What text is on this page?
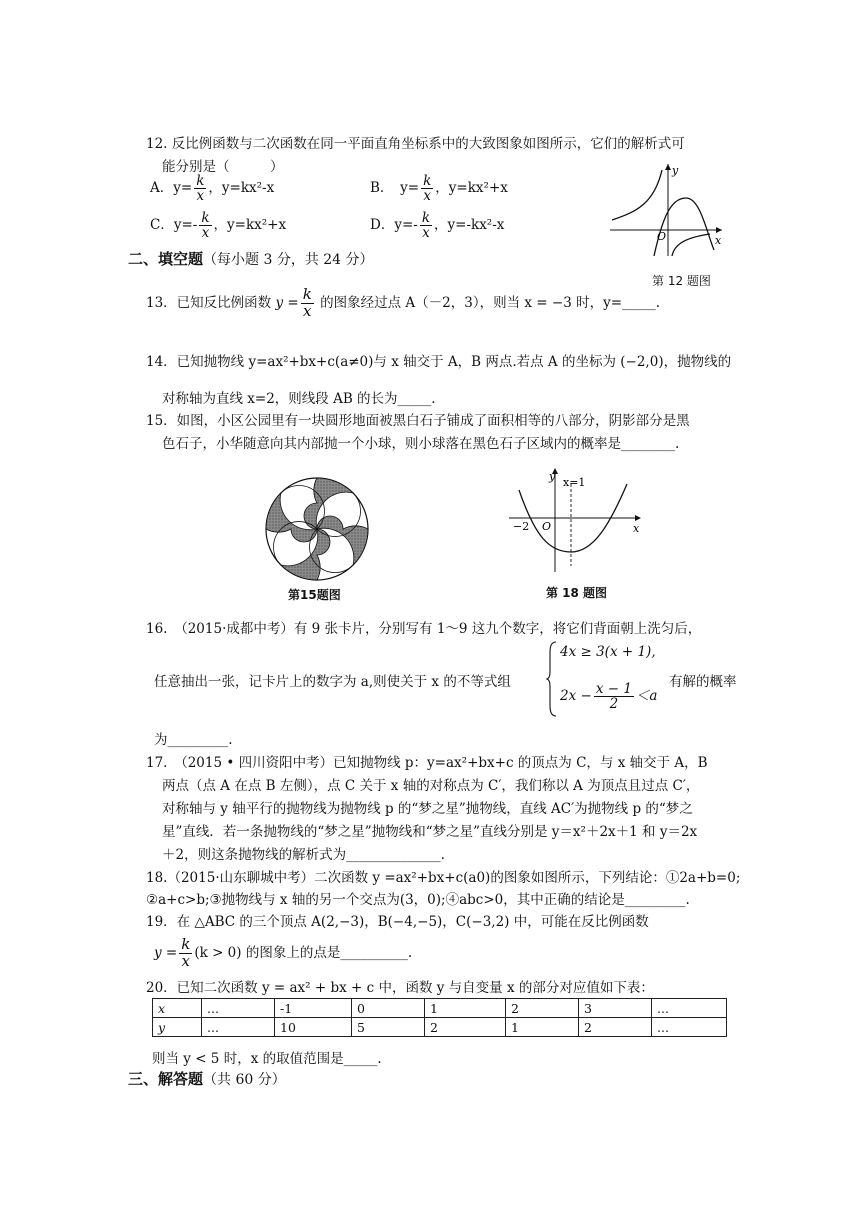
12. 反比例函数与二次函数在同一平面直角坐标系中的大致图象如图所示，它们的解析式可
能分别是（　　　）
A．$y= \frac{k}{x}$ ，y=kx²-x	B．　$y= \frac{k}{x}$ ，y=kx²+x
C．$y=- \frac{k}{x}$ ，y=kx²+x	D．$y=- \frac{k}{x}$ ，y=-kx²-x
y
x
O
第 12 题图
二、填空题（每小题 3 分，共 24 分）
13．已知反比例函数 $y = \frac{k}{x}$ 的图象经过点 A（－2，3），则当 x = −3 时，y=_____.
14．已知抛物线 y=ax²+bx+c(a≠0)与 x 轴交于 A，B 两点.若点 A 的坐标为 (−2,0)，抛物线的
对称轴为直线 x=2，则线段 AB 的长为_____.
15．如图，小区公园里有一块圆形地面被黑白石子铺成了面积相等的八部分，阴影部分是黑
色石子，小华随意向其内部抛一个小球，则小球落在黑色石子区域内的概率是________.
第15题图
y
x
O
−2
x=1
第 18 题图
16.　（2015·成都中考）有 9 张卡片，分别写有 1～9 这九个数字，将它们背面朝上洗匀后，
任意抽出一张，记卡片上的数字为 a,则使关于 x 的不等式组
4x ≥ 3(x + 1),
$2x - \frac{x - 1}{2} <a$
有解的概率
为_________.
17.　（2015 • 四川资阳中考）已知抛物线 p：y=ax²+bx+c 的顶点为 C，与 x 轴交于 A，B
两点（点 A 在点 B 左侧），点 C 关于 x 轴的对称点为 C′，我们称以 A 为顶点且过点 C′，
对称轴与 y 轴平行的抛物线为抛物线 p 的“梦之星”抛物线，直线 AC′为抛物线 p 的“梦之
星”直线．若一条抛物线的“梦之星”抛物线和“梦之星”直线分别是 y＝x²＋2x＋1 和 y＝2x
＋2，则这条抛物线的解析式为______________.
18.（2015·山东聊城中考）二次函数 y =ax²+bx+c(a0)的图象如图所示，下列结论：①2a+b=0;
②a+c>b;③抛物线与 x 轴的另一个交点为(3，0);④abc>0，其中正确的结论是_________.
19．在 △ABC 的三个顶点 A(2,−3)，B(−4,−5)，C(−3,2) 中，可能在反比例函数
$y = \frac{k}{x} (k > 0)$ 的图象上的点是__________.
20．已知二次函数 y = ax² + bx + c 中，函数 y 与自变量 x 的部分对应值如下表：
x	...	-1	0	1	2	3	...
y	...	10	5	2	1	2	...
则当 y < 5 时，x 的取值范围是_____.
三、解答题（共 60 分）
